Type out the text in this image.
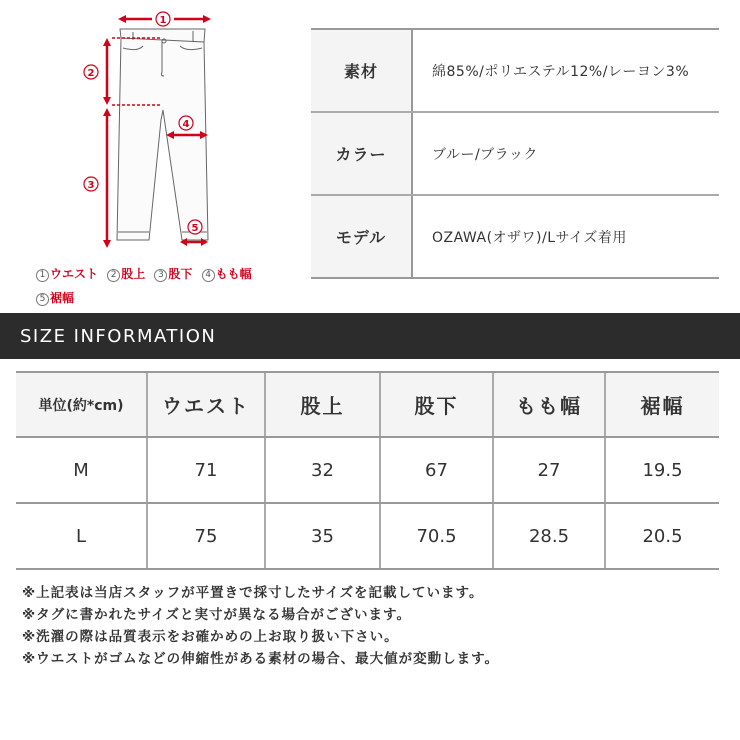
1
2
3
4
5
1 ウエスト 2 股上 3 股下 4 もも幅
5 裾幅
素材	綿85%/ポリエステル12%/レーヨン3%
カラー	ブルー/ブラック
モデル	OZAWA(オザワ)/Lサイズ着用
SIZE INFORMATION
単位(約*cm)	ウエスト	股上	股下	もも幅	裾幅
M	71	32	67	27	19.5
L	75	35	70.5	28.5	20.5
※上記表は当店スタッフが平置きで採寸したサイズを記載しています。
※タグに書かれたサイズと実寸が異なる場合がございます。
※洗濯の際は品質表示をお確かめの上お取り扱い下さい。
※ウエストがゴムなどの伸縮性がある素材の場合、最大値が変動します。
